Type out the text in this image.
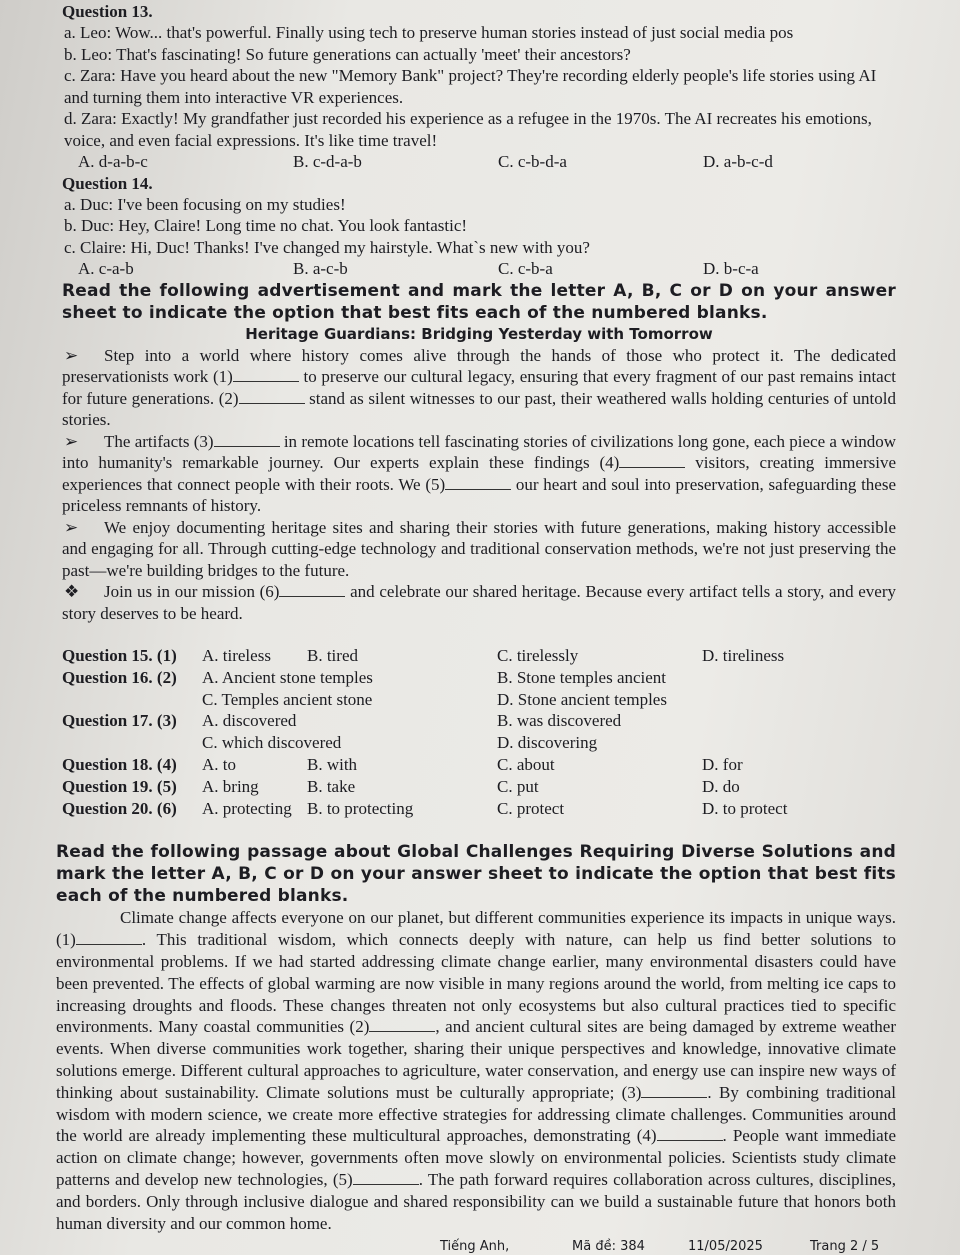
Question 13.
a. Leo: Wow... that's powerful. Finally using tech to preserve human stories instead of just social media pos
b. Leo: That's fascinating! So future generations can actually 'meet' their ancestors?
c. Zara: Have you heard about the new "Memory Bank" project? They're recording elderly people's life stories using AI and turning them into interactive VR experiences.
d. Zara: Exactly! My grandfather just recorded his experience as a refugee in the 1970s. The AI recreates his emotions, voice, and even facial expressions. It's like time travel!
A. d-a-b-c	B. c-d-a-b	C. c-b-d-a	D. a-b-c-d
Question 14.
a. Duc: I've been focusing on my studies!
b. Duc: Hey, Claire! Long time no chat. You look fantastic!
c. Claire: Hi, Duc! Thanks! I've changed my hairstyle. What`s new with you?
A. c-a-b	B. a-c-b	C. c-b-a	D. b-c-a
Read the following advertisement and mark the letter A, B, C or D on your answer sheet to indicate the option that best fits each of the numbered blanks.
Heritage Guardians: Bridging Yesterday with Tomorrow
➢ Step into a world where history comes alive through the hands of those who protect it. The dedicated preservationists work (1)	to preserve our cultural legacy, ensuring that every fragment of our past remains intact for future generations. (2)	stand as silent witnesses to our past, their weathered walls holding centuries of untold stories.
➢ The artifacts (3)	in remote locations tell fascinating stories of civilizations long gone, each piece a window into humanity's remarkable journey. Our experts explain these findings (4)	visitors, creating immersive experiences that connect people with their roots. We (5)	our heart and soul into preservation, safeguarding these priceless remnants of history.
➢ We enjoy documenting heritage sites and sharing their stories with future generations, making history accessible and engaging for all. Through cutting-edge technology and traditional conservation methods, we're not just preserving the past—we're building bridges to the future.
❖ Join us in our mission (6)	and celebrate our shared heritage. Because every artifact tells a story, and every story deserves to be heard.
Question 15. (1)	A. tireless	B. tired	C. tirelessly	D. tireliness
Question 16. (2)	A. Ancient stone temples	B. Stone temples ancient
C. Temples ancient stone	D. Stone ancient temples
Question 17. (3)	A. discovered	B. was discovered
C. which discovered	D. discovering
Question 18. (4)	A. to	B. with	C. about	D. for
Question 19. (5)	A. bring	B. take	C. put	D. do
Question 20. (6)	A. protecting B. to protecting	C. protect	D. to protect
Read the following passage about Global Challenges Requiring Diverse Solutions and mark the letter A, B, C or D on your answer sheet to indicate the option that best fits each of the numbered blanks.
Climate change affects everyone on our planet, but different communities experience its impacts in unique ways. (1)	. This traditional wisdom, which connects deeply with nature, can help us find better solutions to environmental problems. If we had started addressing climate change earlier, many environmental disasters could have been prevented. The effects of global warming are now visible in many regions around the world, from melting ice caps to increasing droughts and floods. These changes threaten not only ecosystems but also cultural practices tied to specific environments. Many coastal communities (2)	, and ancient cultural sites are being damaged by extreme weather events. When diverse communities work together, sharing their unique perspectives and knowledge, innovative climate solutions emerge. Different cultural approaches to agriculture, water conservation, and energy use can inspire new ways of thinking about sustainability. Climate solutions must be culturally appropriate; (3)	. By combining traditional wisdom with modern science, we create more effective strategies for addressing climate challenges. Communities around the world are already implementing these multicultural approaches, demonstrating (4)	. People want immediate action on climate change; however, governments often move slowly on environmental policies. Scientists study climate patterns and develop new technologies, (5)	. The path forward requires collaboration across cultures, disciplines, and borders. Only through inclusive dialogue and shared responsibility can we build a sustainable future that honors both human diversity and our common home.
Tiếng Anh,	Mã đề: 384	11/05/2025	Trang 2 / 5
